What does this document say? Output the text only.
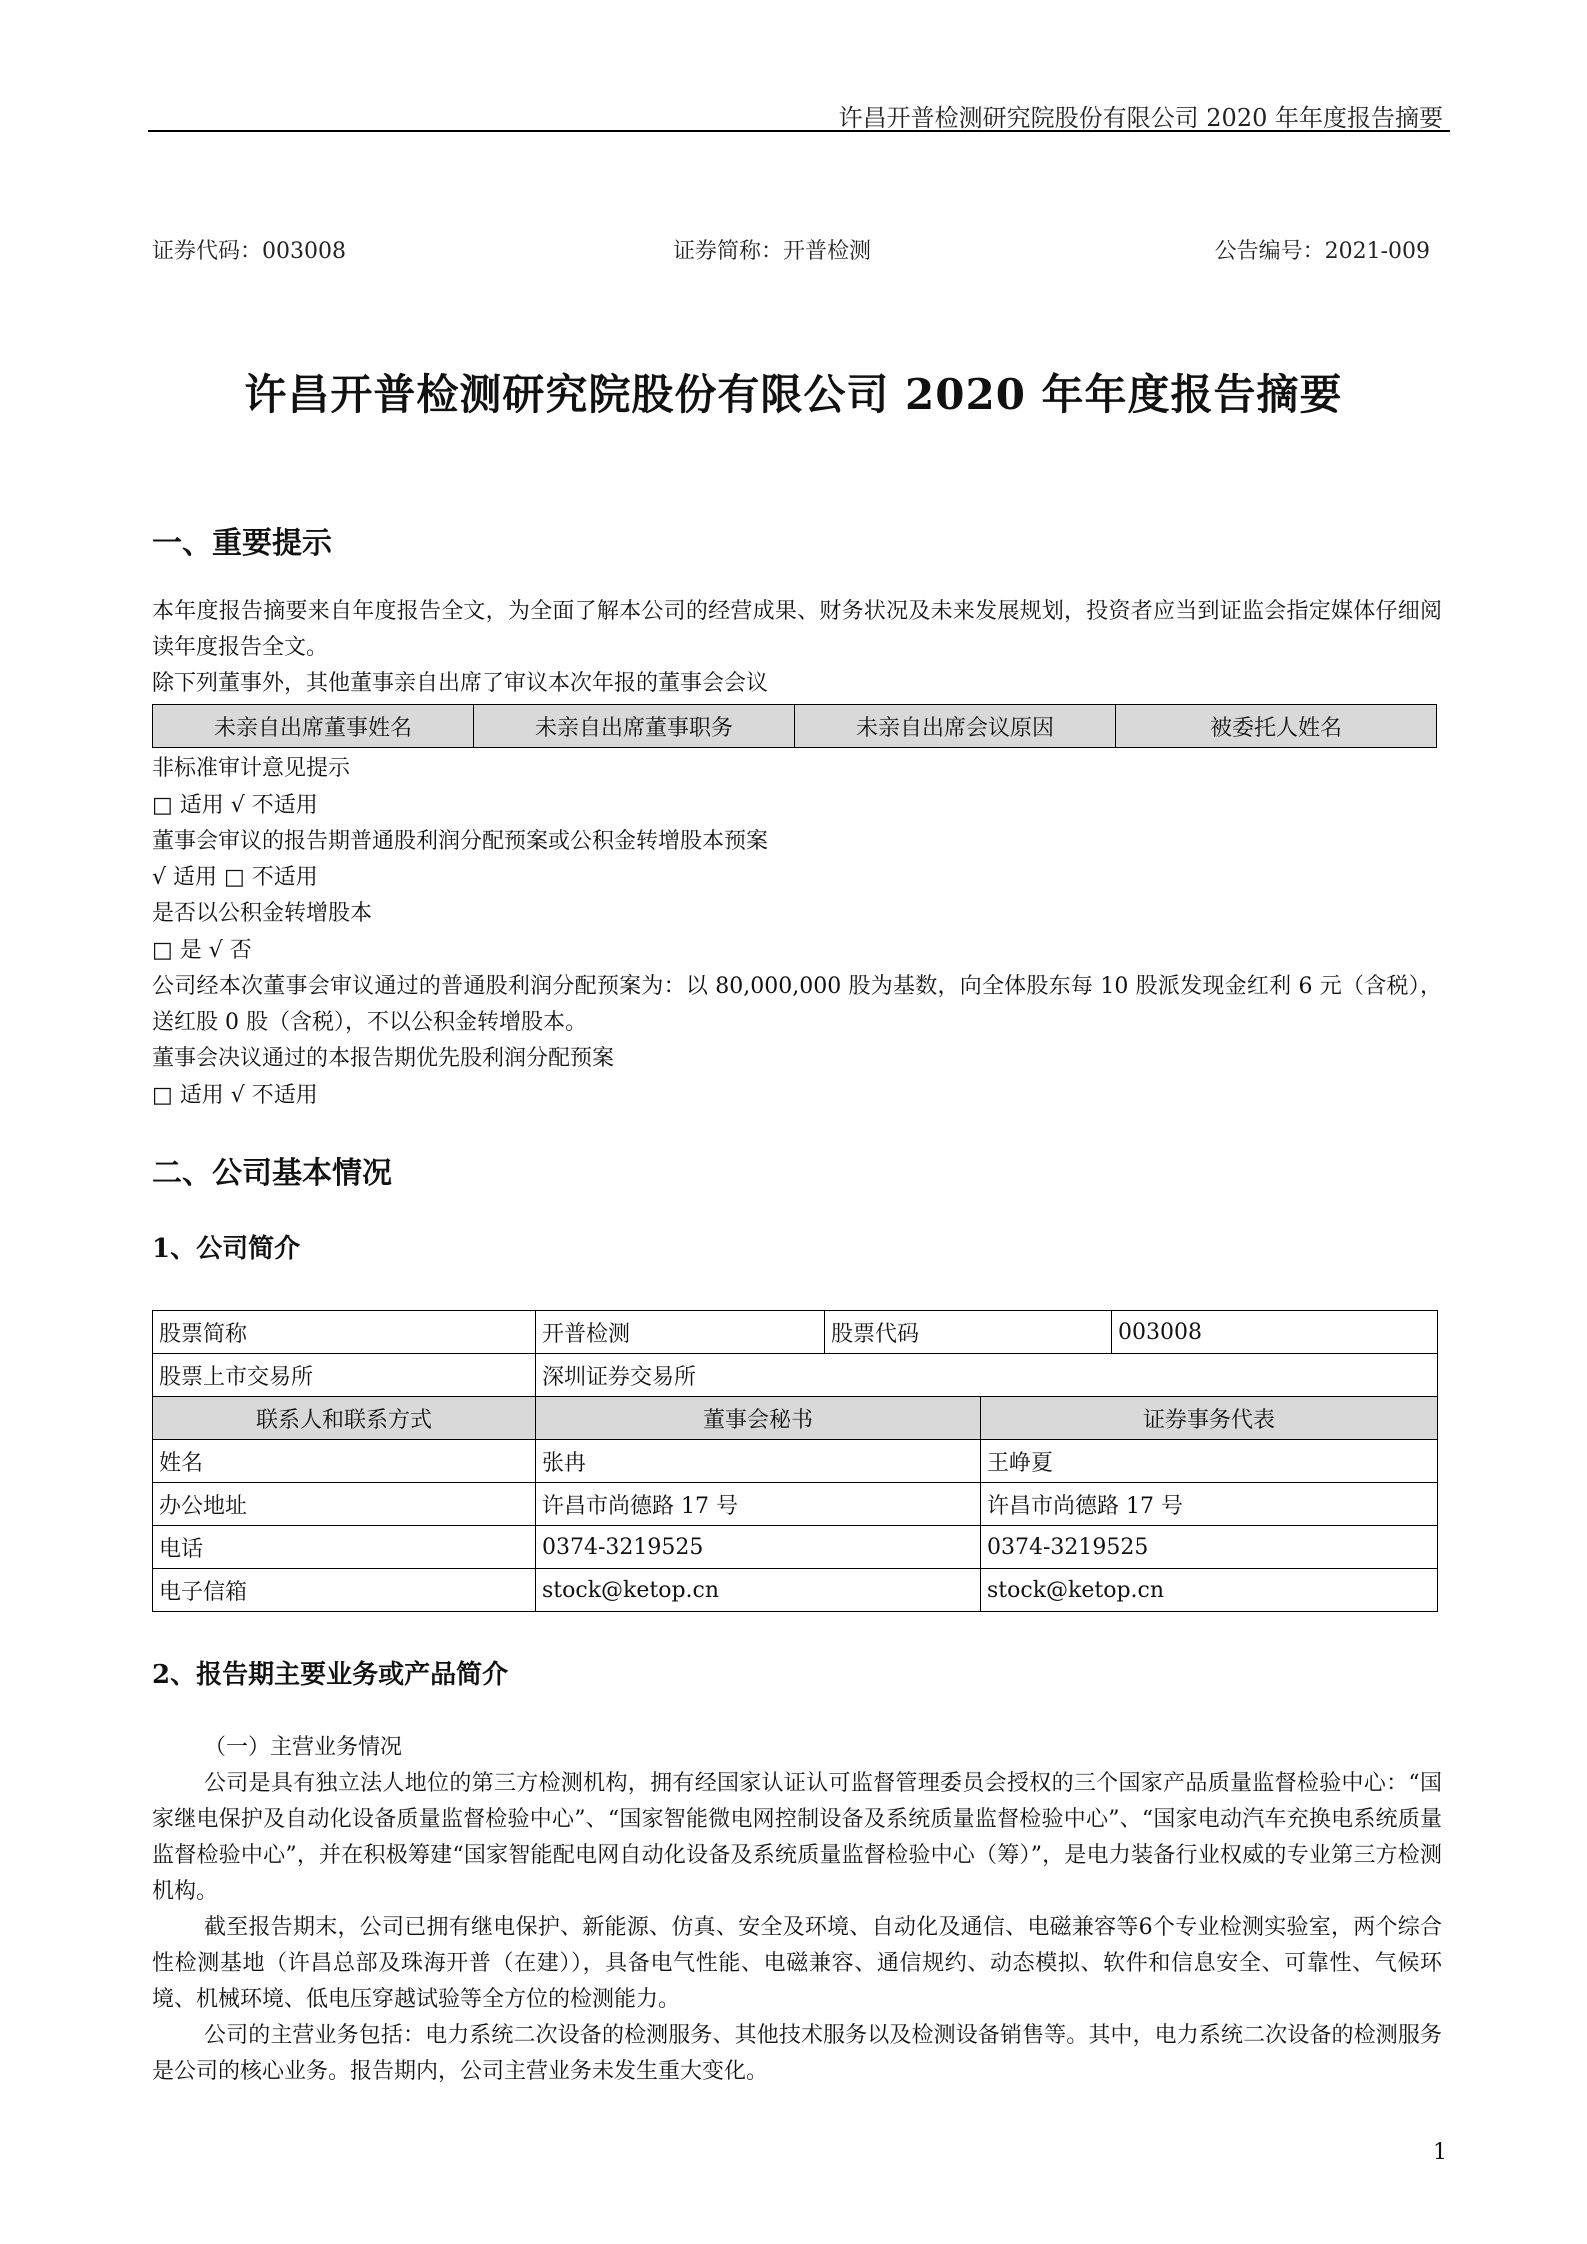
许昌开普检测研究院股份有限公司 2020 年年度报告摘要
证券代码：003008	证券简称：开普检测	公告编号：2021-009
许昌开普检测研究院股份有限公司 2020 年年度报告摘要
一、重要提示
本年度报告摘要来自年度报告全文，为全面了解本公司的经营成果、财务状况及未来发展规划，投资者应当到证监会指定媒体仔细阅读年度报告全文。
除下列董事外，其他董事亲自出席了审议本次年报的董事会会议
未亲自出席董事姓名	未亲自出席董事职务	未亲自出席会议原因	被委托人姓名
非标准审计意见提示
□ 适用 √ 不适用
董事会审议的报告期普通股利润分配预案或公积金转增股本预案
√ 适用 □ 不适用
是否以公积金转增股本
□ 是 √ 否
公司经本次董事会审议通过的普通股利润分配预案为：以 80,000,000 股为基数，向全体股东每 10 股派发现金红利 6 元（含税），送红股 0 股（含税），不以公积金转增股本。
董事会决议通过的本报告期优先股利润分配预案
□ 适用 √ 不适用
二、公司基本情况
1、公司简介
股票简称	开普检测	股票代码		003008
股票上市交易所	深圳证券交易所			
联系人和联系方式	董事会秘书		证券事务代表	
姓名	张冉		王峥夏	
办公地址	许昌市尚德路 17 号		许昌市尚德路 17 号	
电话	0374-3219525		0374-3219525	
电子信箱	stock@ketop.cn		stock@ketop.cn	
2、报告期主要业务或产品简介
（一）主营业务情况
公司是具有独立法人地位的第三方检测机构，拥有经国家认证认可监督管理委员会授权的三个国家产品质量监督检验中心：“国家继电保护及自动化设备质量监督检验中心”、“国家智能微电网控制设备及系统质量监督检验中心”、“国家电动汽车充换电系统质量监督检验中心”，并在积极筹建“国家智能配电网自动化设备及系统质量监督检验中心（筹）”，是电力装备行业权威的专业第三方检测机构。
截至报告期末，公司已拥有继电保护、新能源、仿真、安全及环境、自动化及通信、电磁兼容等6个专业检测实验室，两个综合性检测基地（许昌总部及珠海开普（在建）），具备电气性能、电磁兼容、通信规约、动态模拟、软件和信息安全、可靠性、气候环境、机械环境、低电压穿越试验等全方位的检测能力。
公司的主营业务包括：电力系统二次设备的检测服务、其他技术服务以及检测设备销售等。其中，电力系统二次设备的检测服务是公司的核心业务。报告期内，公司主营业务未发生重大变化。
1
